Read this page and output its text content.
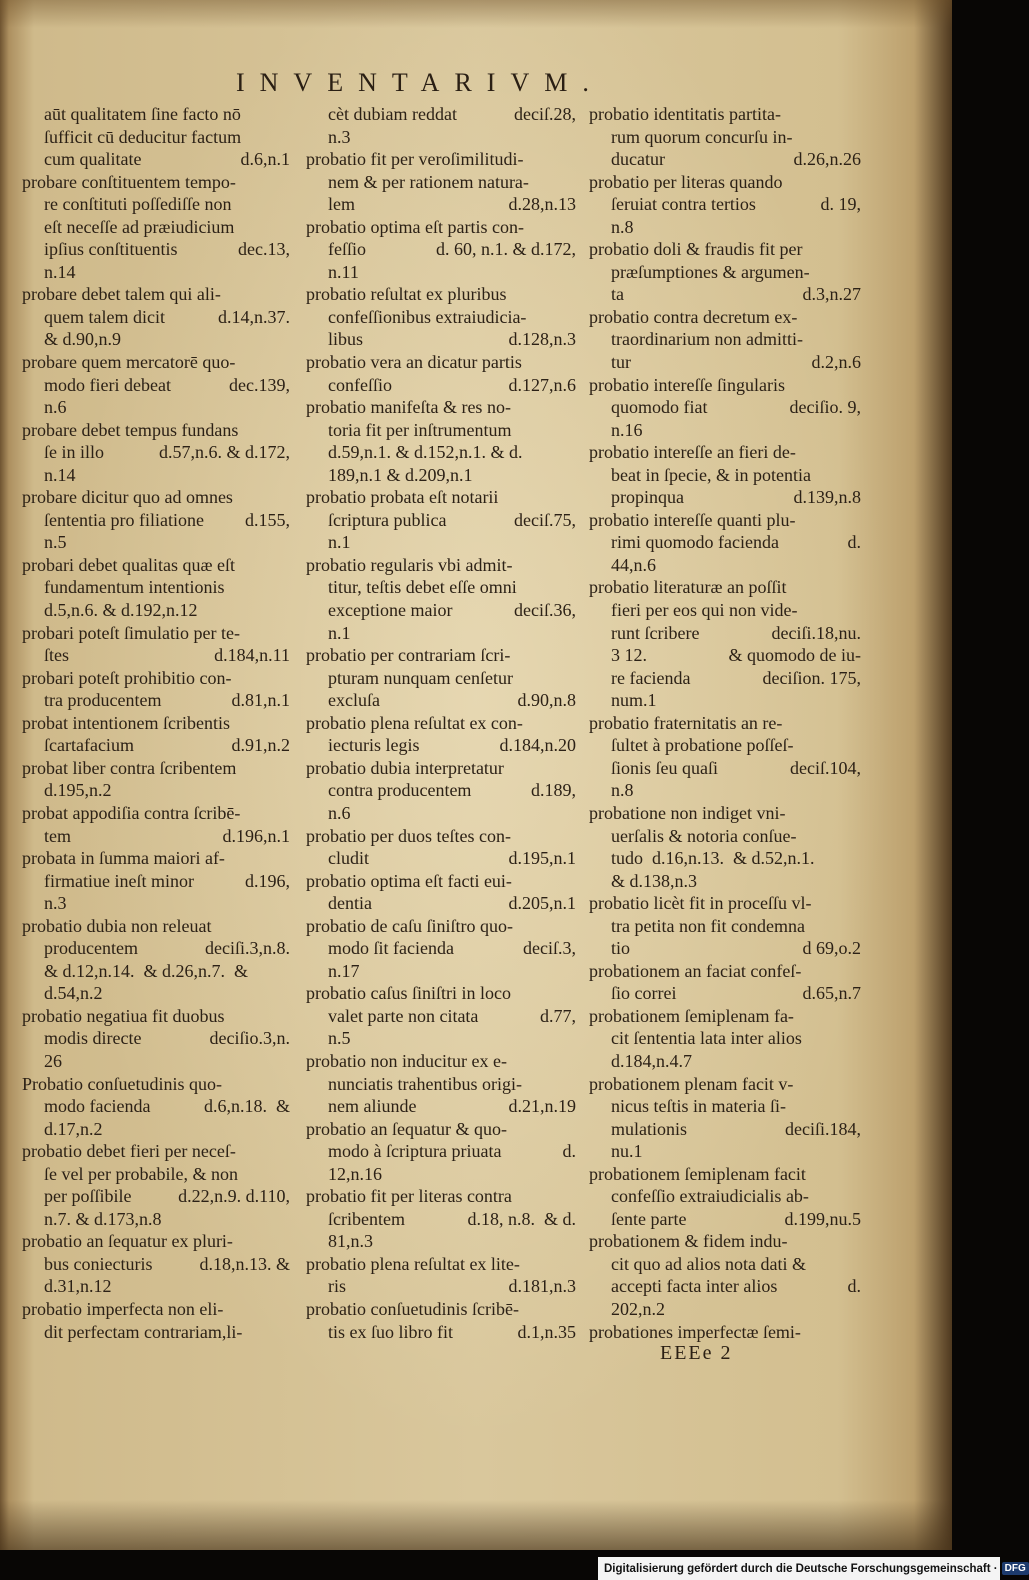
INVENTARIVM.
aūt qualitatem ſine facto nō
ſufficit cū deducitur factum
cum qualitate	d.6,n.1
probare conſtituentem tempo-
re conſtituti poſſediſſe non
eſt neceſſe ad præiudicium
ipſius conſtituentis	dec.13,
n.14
probare debet talem qui ali-
quem talem dicit	d.14,n.37.
& d.90,n.9
probare quem mercatorē quo-
modo fieri debeat	dec.139,
n.6
probare debet tempus fundans
ſe in illo	d.57,n.6. & d.172,
n.14
probare dicitur quo ad omnes
ſententia pro filiatione	d.155,
n.5
probari debet qualitas quæ eſt
fundamentum intentionis
d.5,n.6. & d.192,n.12
probari poteſt ſimulatio per te-
ſtes	d.184,n.11
probari poteſt prohibitio con-
tra producentem	d.81,n.1
probat intentionem ſcribentis
ſcartafacium	d.91,n.2
probat liber contra ſcribentem
d.195,n.2
probat appodiſia contra ſcribē-
tem	d.196,n.1
probata in ſumma maiori af-
firmatiue ineſt minor	d.196,
n.3
probatio dubia non releuat
producentem	deciſi.3,n.8.
& d.12,n.14.  & d.26,n.7.  &
d.54,n.2
probatio negatiua fit duobus
modis directe	deciſio.3,n.
26
Probatio conſuetudinis quo-
modo facienda	d.6,n.18.  &
d.17,n.2
probatio debet fieri per neceſ-
ſe vel per probabile, & non
per poſſibile	d.22,n.9. d.110,
n.7. & d.173,n.8
probatio an ſequatur ex pluri-
bus coniecturis	d.18,n.13. &
d.31,n.12
probatio imperfecta non eli-
dit perfectam contrariam,li-
cèt dubiam reddat	deciſ.28,
n.3
probatio fit per veroſimilitudi-
nem & per rationem natura-
lem	d.28,n.13
probatio optima eſt partis con-
feſſio	d. 60, n.1. & d.172,
n.11
probatio reſultat ex pluribus
confeſſionibus extraiudicia-
libus	d.128,n.3
probatio vera an dicatur partis
confeſſio	d.127,n.6
probatio manifeſta & res no-
toria fit per inſtrumentum
d.59,n.1. & d.152,n.1. & d.
189,n.1 & d.209,n.1
probatio probata eſt notarii
ſcriptura publica	deciſ.75,
n.1
probatio regularis vbi admit-
titur, teſtis debet eſſe omni
exceptione maior	deciſ.36,
n.1
probatio per contrariam ſcri-
pturam nunquam cenſetur
excluſa	d.90,n.8
probatio plena reſultat ex con-
iecturis legis	d.184,n.20
probatio dubia interpretatur
contra producentem	d.189,
n.6
probatio per duos teſtes con-
cludit	d.195,n.1
probatio optima eſt facti eui-
dentia	d.205,n.1
probatio de caſu ſiniſtro quo-
modo ſit facienda	deciſ.3,
n.17
probatio caſus ſiniſtri in loco
valet parte non citata	d.77,
n.5
probatio non inducitur ex e-
nunciatis trahentibus origi-
nem aliunde	d.21,n.19
probatio an ſequatur & quo-
modo à ſcriptura priuata	d.
12,n.16
probatio fit per literas contra
ſcribentem	d.18, n.8.  & d.
81,n.3
probatio plena reſultat ex lite-
ris	d.181,n.3
probatio conſuetudinis ſcribē-
tis ex ſuo libro fit	d.1,n.35
probatio identitatis partita-
rum quorum concurſu in-
ducatur	d.26,n.26
probatio per literas quando
ſeruiat contra tertios	d. 19,
n.8
probatio doli & fraudis fit per
præſumptiones & argumen-
ta	d.3,n.27
probatio contra decretum ex-
traordinarium non admitti-
tur	d.2,n.6
probatio intereſſe ſingularis
quomodo fiat	deciſio. 9,
n.16
probatio intereſſe an fieri de-
beat in ſpecie, & in potentia
propinqua	d.139,n.8
probatio intereſſe quanti plu-
rimi quomodo facienda	d.
44,n.6
probatio literaturæ an poſſit
fieri per eos qui non vide-
runt ſcribere	deciſi.18,nu.
3 12.	& quomodo de iu-
re facienda	deciſion. 175,
num.1
probatio fraternitatis an re-
ſultet à probatione poſſeſ-
ſionis ſeu quaſi	deciſ.104,
n.8
probatione non indiget vni-
uerſalis & notoria conſue-
tudo  d.16,n.13.  & d.52,n.1.
& d.138,n.3
probatio licèt fit in proceſſu vl-
tra petita non fit condemna
tio	d 69,o.2
probationem an faciat confeſ-
ſio correi	d.65,n.7
probationem ſemiplenam fa-
cit ſententia lata inter alios
d.184,n.4.7
probationem plenam facit v-
nicus teſtis in materia ſi-
mulationis	deciſi.184,
nu.1
probationem ſemiplenam facit
confeſſio extraiudicialis ab-
ſente parte	d.199,nu.5
probationem & fidem indu-
cit quo ad alios nota dati &
accepti facta inter alios	d.
202,n.2
probationes imperfectæ ſemi-
EEEe 2
Digitalisierung gefördert durch die Deutsche Forschungsgemeinschaft · DFG
